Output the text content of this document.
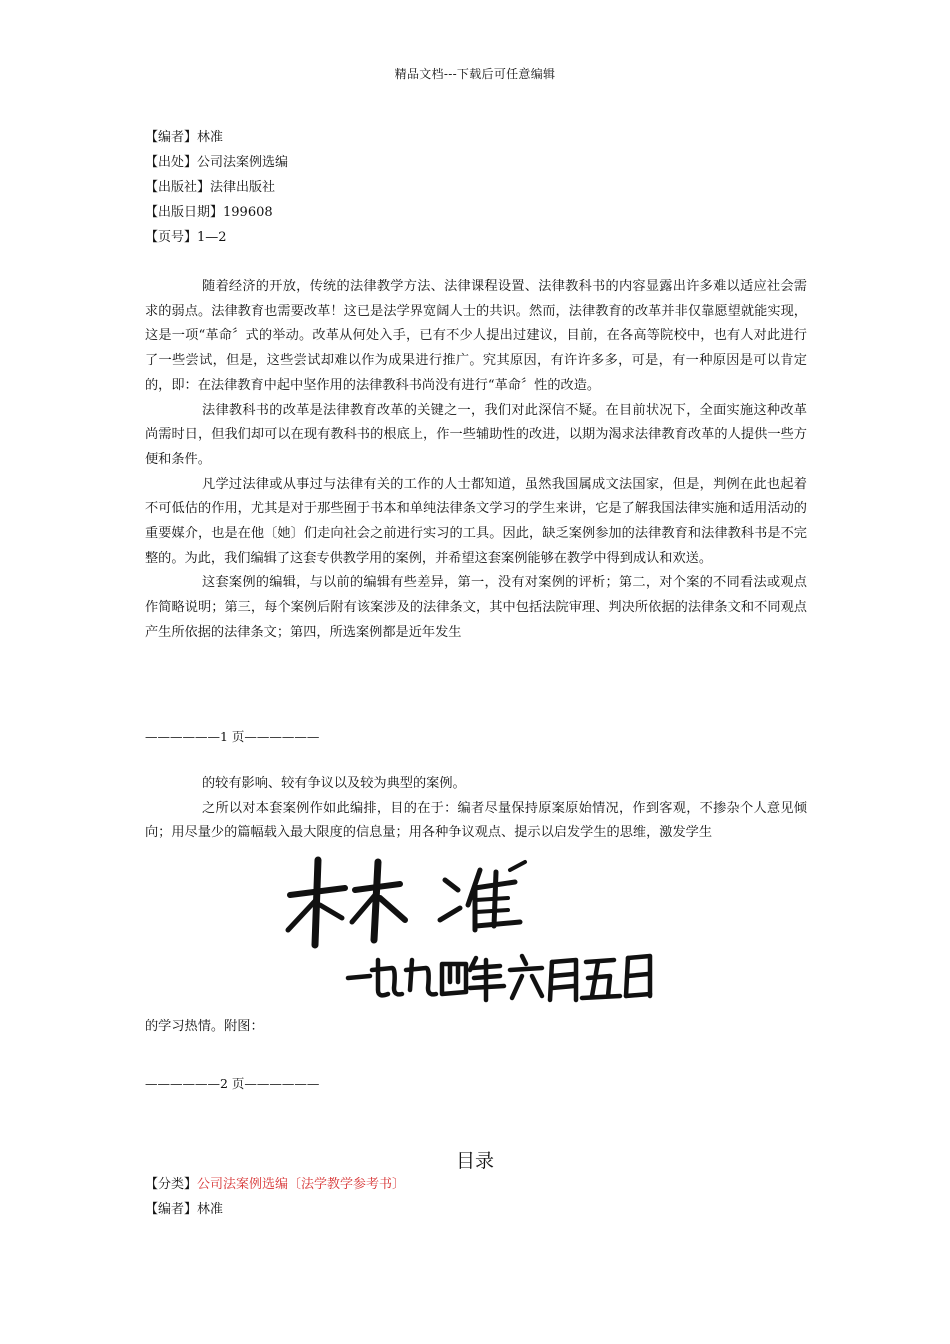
精品文档---下载后可任意编辑
【编者】林准
【出处】公司法案例选编
【出版社】法律出版社
【出版日期】199608
【页号】1—2

随着经济的开放，传统的法律教学方法、法律课程设置、法律教科书的内容显露出许多难以适应社会需求的弱点。法律教育也需要改革！这已是法学界宽阔人士的共识。然而，法律教育的改革并非仅靠愿望就能实现，这是一项“革命〞式的举动。改革从何处入手，已有不少人提出过建议，目前，在各高等院校中，也有人对此进行了一些尝试，但是，这些尝试却难以作为成果进行推广。究其原因，有许许多多，可是，有一种原因是可以肯定的，即：在法律教育中起中坚作用的法律教科书尚没有进行“革命〞性的改造。

法律教科书的改革是法律教育改革的关键之一，我们对此深信不疑。在目前状况下，全面实施这种改革尚需时日，但我们却可以在现有教科书的根底上，作一些辅助性的改进，以期为渴求法律教育改革的人提供一些方便和条件。

凡学过法律或从事过与法律有关的工作的人士都知道，虽然我国属成文法国家，但是，判例在此也起着不可低估的作用，尤其是对于那些囿于书本和单纯法律条文学习的学生来讲，它是了解我国法律实施和适用活动的重要媒介，也是在他〔她〕们走向社会之前进行实习的工具。因此，缺乏案例参加的法律教育和法律教科书是不完整的。为此，我们编辑了这套专供教学用的案例，并希望这套案例能够在教学中得到成认和欢送。

这套案例的编辑，与以前的编辑有些差异，第一，没有对案例的评析；第二，对个案的不同看法或观点作简略说明；第三，每个案例后附有该案涉及的法律条文，其中包括法院审理、判决所依据的法律条文和不同观点产生所依据的法律条文；第四，所选案例都是近年发生

——————1 页——————

的较有影响、较有争议以及较为典型的案例。

之所以对本套案例作如此编排，目的在于：编者尽量保持原案原始情况，作到客观，不掺杂个人意见倾向；用尽量少的篇幅载入最大限度的信息量；用各种争议观点、提示以启发学生的思维，激发学生

的学习热情。附图：

——————2 页——————
目录
【分类】公司法案例选编〔法学教学参考书〕
【编者】林准
